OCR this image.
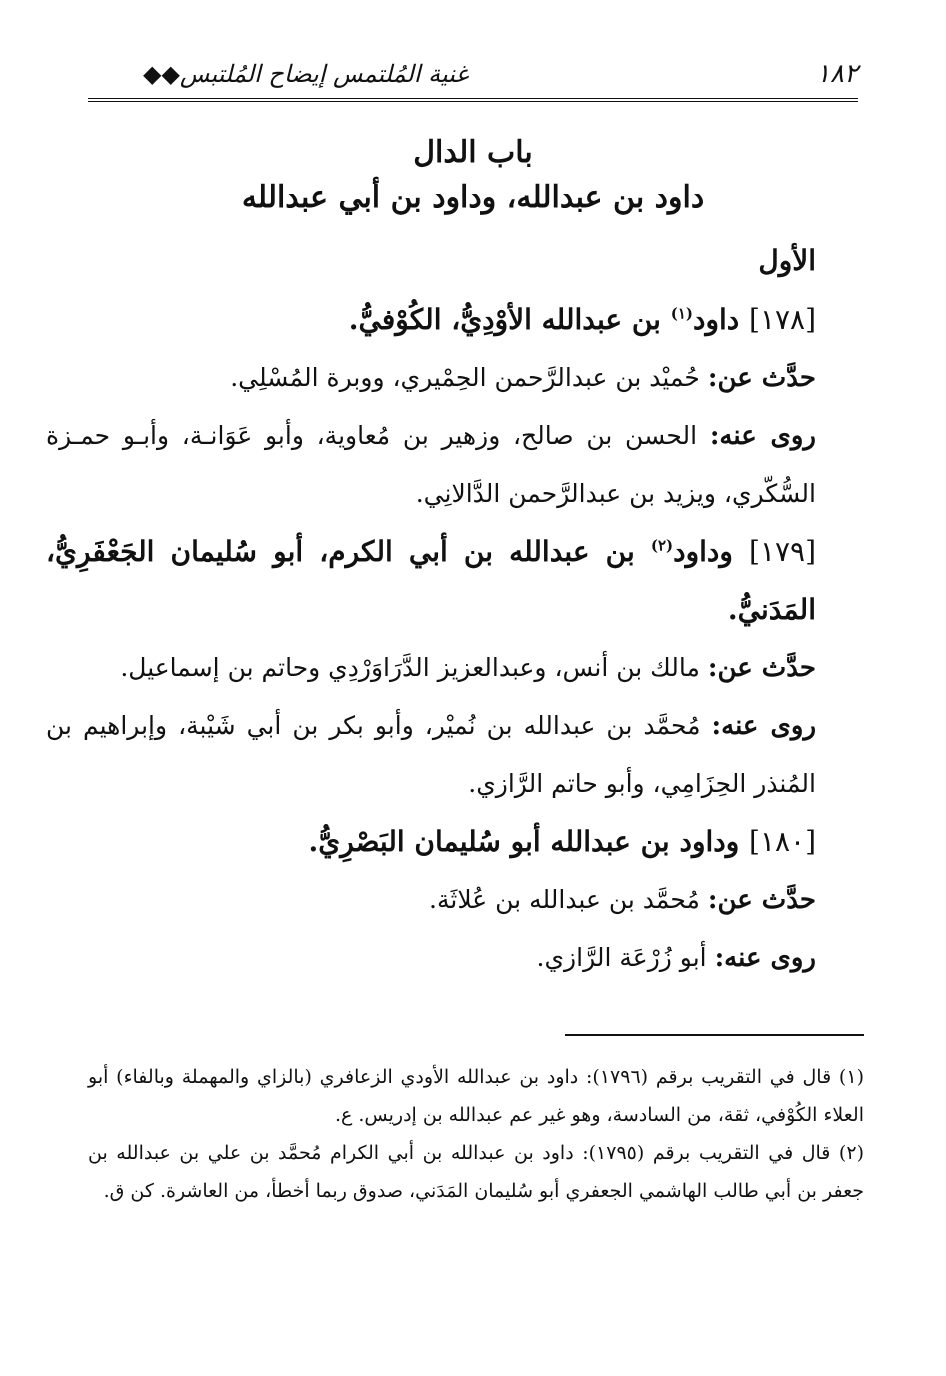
١٨٢
غنية المُلتمس إيضاح المُلتبس◆◆
باب الدال
داود بن عبدالله، وداود بن أبي عبدالله

الأول

[١٧٨] داود$^{(١)}$ بن عبدالله الأوْدِيُّ، الكُوْفيُّ.

حدَّث عن: حُميْد بن عبدالرَّحمن الحِمْيري، ووبرة المُسْلِي.

روى عنه: الحسن بن صالح، وزهير بن مُعاوية، وأبو عَوَانـة، وأبـو حمـزة السُّكّري، ويزيد بن عبدالرَّحمن الدَّالانِي.

[١٧٩] وداود$^{(٢)}$ بن عبدالله بن أبي الكرم، أبو سُليمان الجَعْفَرِيُّ، المَدَنيُّ.

حدَّث عن: مالك بن أنس، وعبدالعزيز الدَّرَاوَرْدِي وحاتم بن إسماعيل.

روى عنه: مُحمَّد بن عبدالله بن نُميْر، وأبو بكر بن أبي شَيْبة، وإبراهيم بن المُنذر الحِزَامِي، وأبو حاتم الرَّازي.

[١٨٠] وداود بن عبدالله أبو سُليمان البَصْرِيُّ.

حدَّث عن: مُحمَّد بن عبدالله بن عُلاثَة.

روى عنه: أبو زُرْعَة الرَّازي.

(١) قال في التقريب برقم (١٧٩٦): داود بن عبدالله الأودي الزعافري (بالزاي والمهملة وبالفاء) أبو العلاء الكُوْفي، ثقة، من السادسة، وهو غير عم عبدالله بن إدريس. ع.

(٢) قال في التقريب برقم (١٧٩٥): داود بن عبدالله بن أبي الكرام مُحمَّد بن علي بن عبدالله بن جعفر بن أبي طالب الهاشمي الجعفري أبو سُليمان المَدَني، صدوق ربما أخطأ، من العاشرة. كن ق.
